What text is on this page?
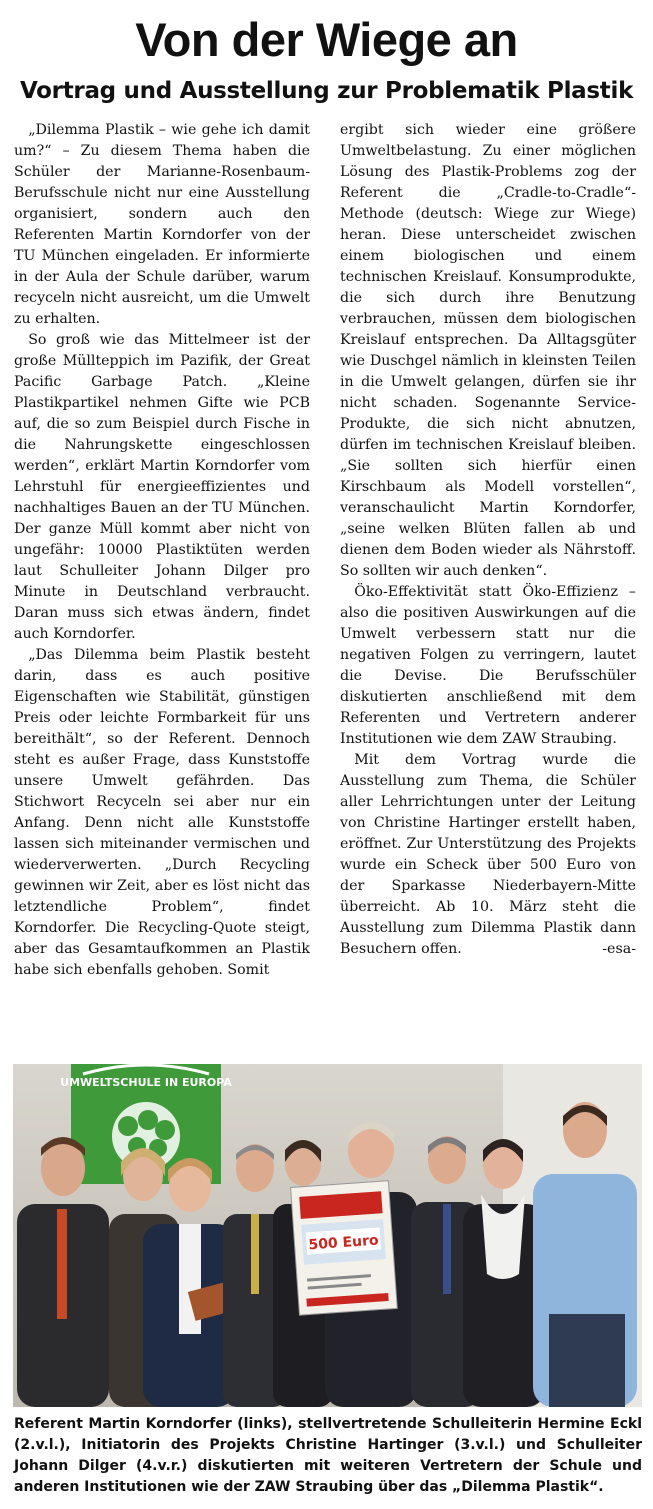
Von der Wiege an
Vortrag und Ausstellung zur Problematik Plastik

„Dilemma Plastik – wie gehe ich damit um?“ – Zu diesem Thema haben die Schüler der Marianne-Rosenbaum-Berufsschule nicht nur eine Ausstellung organisiert, sondern auch den Referenten Martin Korndorfer von der TU München eingeladen. Er informierte in der Aula der Schule darüber, warum recyceln nicht ausreicht, um die Umwelt zu erhalten.

So groß wie das Mittelmeer ist der große Müllteppich im Pazifik, der Great Pacific Garbage Patch. „Kleine Plastikpartikel nehmen Gifte wie PCB auf, die so zum Beispiel durch Fische in die Nahrungskette eingeschlossen werden“, erklärt Martin Korndorfer vom Lehrstuhl für energieeffizientes und nachhaltiges Bauen an der TU München. Der ganze Müll kommt aber nicht von ungefähr: 10000 Plastiktüten werden laut Schulleiter Johann Dilger pro Minute in Deutschland verbraucht. Daran muss sich etwas ändern, findet auch Korndorfer.

„Das Dilemma beim Plastik besteht darin, dass es auch positive Eigenschaften wie Stabilität, günstigen Preis oder leichte Formbarkeit für uns bereithält“, so der Referent. Dennoch steht es außer Frage, dass Kunststoffe unsere Umwelt gefährden. Das Stichwort Recyceln sei aber nur ein Anfang. Denn nicht alle Kunststoffe lassen sich miteinander vermischen und wiederverwerten. „Durch Recycling gewinnen wir Zeit, aber es löst nicht das letztendliche Problem“, findet Korndorfer. Die Recycling-Quote steigt, aber das Gesamtaufkommen an Plastik habe sich ebenfalls gehoben. Somit

ergibt sich wieder eine größere Umweltbelastung. Zu einer möglichen Lösung des Plastik-Problems zog der Referent die „Cradle-to-Cradle“-Methode (deutsch: Wiege zur Wiege) heran. Diese unterscheidet zwischen einem biologischen und einem technischen Kreislauf. Konsumprodukte, die sich durch ihre Benutzung verbrauchen, müssen dem biologischen Kreislauf entsprechen. Da Alltagsgüter wie Duschgel nämlich in kleinsten Teilen in die Umwelt gelangen, dürfen sie ihr nicht schaden. Sogenannte Service-Produkte, die sich nicht abnutzen, dürfen im technischen Kreislauf bleiben. „Sie sollten sich hierfür einen Kirschbaum als Modell vorstellen“, veranschaulicht Martin Korndorfer, „seine welken Blüten fallen ab und dienen dem Boden wieder als Nährstoff. So sollten wir auch denken“.

Öko-Effektivität statt Öko-Effizienz – also die positiven Auswirkungen auf die Umwelt verbessern statt nur die negativen Folgen zu verringern, lautet die Devise. Die Berufsschüler diskutierten anschließend mit dem Referenten und Vertretern anderer Institutionen wie dem ZAW Straubing.

Mit dem Vortrag wurde die Ausstellung zum Thema, die Schüler aller Lehrrichtungen unter der Leitung von Christine Hartinger erstellt haben, eröffnet. Zur Unterstützung des Projekts wurde ein Scheck über 500 Euro von der Sparkasse Niederbayern-Mitte überreicht. Ab 10. März steht die Ausstellung zum Dilemma Plastik dann Besuchern offen.	-esa-

UMWELTSCHULE IN EUROPA
500 Euro

Referent Martin Korndorfer (links), stellvertretende Schulleiterin Hermine Eckl (2.v.l.), Initiatorin des Projekts Christine Hartinger (3.v.l.) und Schulleiter Johann Dilger (4.v.r.) diskutierten mit weiteren Vertretern der Schule und anderen Institutionen wie der ZAW Straubing über das „Dilemma Plastik“.
